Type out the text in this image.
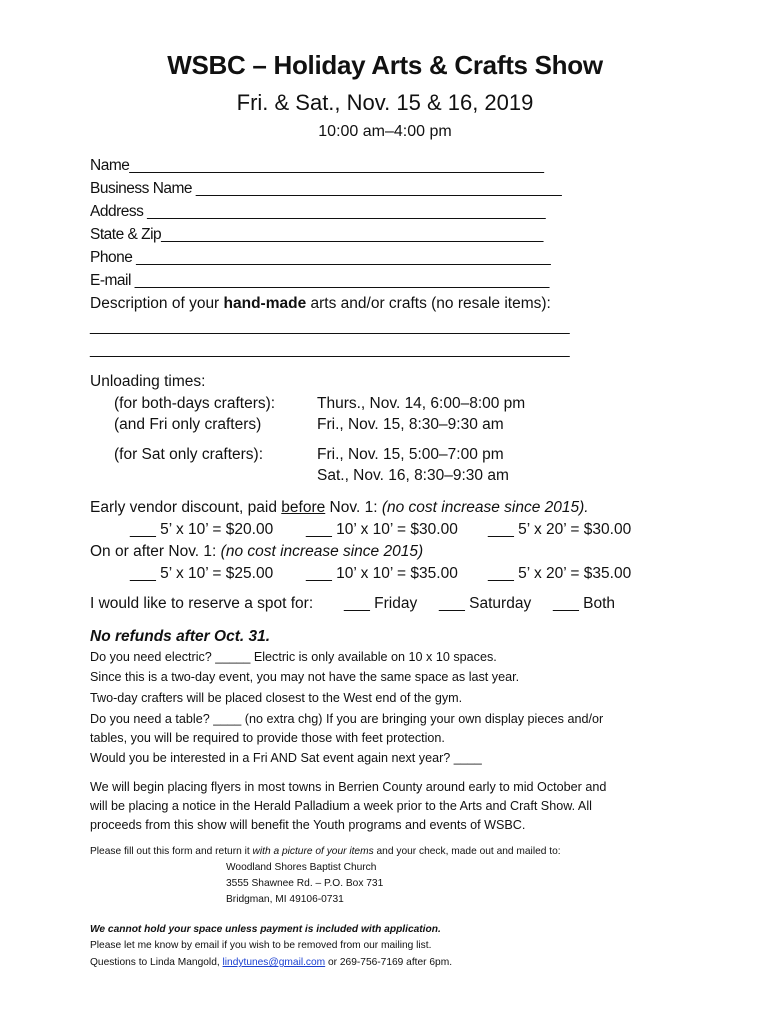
WSBC – Holiday Arts & Crafts Show
Fri. & Sat., Nov. 15 & 16, 2019
10:00 am–4:00 pm
Name___________________________________________________
Business Name _____________________________________________
Address _________________________________________________
State & Zip_______________________________________________
Phone ___________________________________________________
E-mail ___________________________________________________
Description of your hand-made arts and/or crafts (no resale items):
___________________________________________________________
___________________________________________________________
Unloading times:
(for both-days crafters):	Thurs., Nov. 14, 6:00–8:00 pm
(and Fri only crafters)	Fri., Nov. 15, 8:30–9:30 am
(for Sat only crafters):	Fri., Nov. 15, 5:00–7:00 pm
Sat., Nov. 16, 8:30–9:30 am
Early vendor discount, paid before Nov. 1: (no cost increase since 2015).
___ 5’ x 10’ = $20.00 ___ 10’ x 10’ = $30.00 ___ 5’ x 20’ = $30.00
On or after Nov. 1: (no cost increase since 2015)
___ 5’ x 10’ = $25.00 ___ 10’ x 10’ = $35.00 ___ 5’ x 20’ = $35.00
I would like to reserve a spot for: ___ Friday ___ Saturday ___ Both
No refunds after Oct. 31.
Do you need electric? _____ Electric is only available on 10 x 10 spaces.
Since this is a two-day event, you may not have the same space as last year.
Two-day crafters will be placed closest to the West end of the gym.
Do you need a table? ____ (no extra chg) If you are bringing your own display pieces and/or
tables, you will be required to provide those with feet protection.
Would you be interested in a Fri AND Sat event again next year? ____
We will begin placing flyers in most towns in Berrien County around early to mid October and
will be placing a notice in the Herald Palladium a week prior to the Arts and Craft Show. All
proceeds from this show will benefit the Youth programs and events of WSBC.
Please fill out this form and return it with a picture of your items and your check, made out and mailed to:
Woodland Shores Baptist Church
3555 Shawnee Rd. – P.O. Box 731
Bridgman, MI 49106-0731
We cannot hold your space unless payment is included with application.
Please let me know by email if you wish to be removed from our mailing list.
Questions to Linda Mangold, lindytunes@gmail.com or 269-756-7169 after 6pm.
